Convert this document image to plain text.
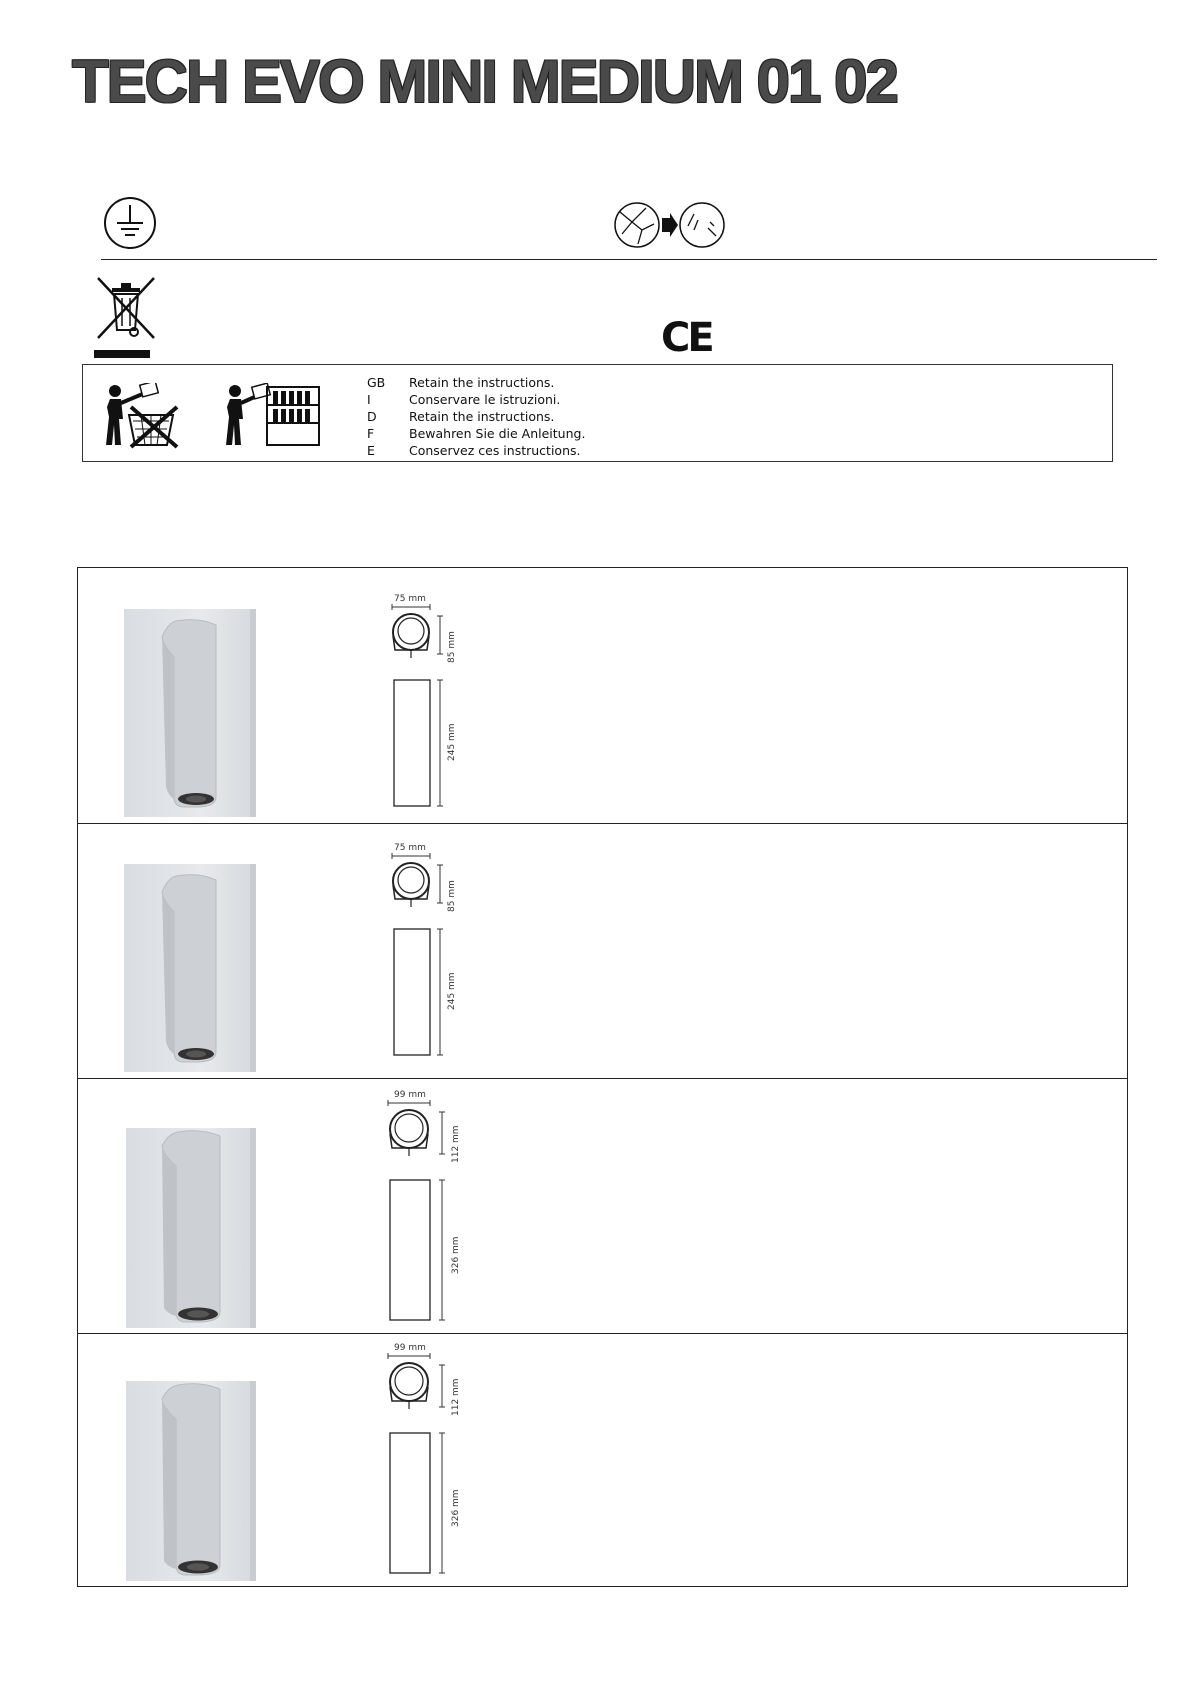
TECH EVO MINI MEDIUM 01 02
CE
GB	Retain the instructions.
I	Conservare le istruzioni.
D	Retain the instructions.
F	Bewahren Sie die Anleitung.
E	Conservez ces instructions.
75 mm
85 mm
245 mm
75 mm
85 mm
245 mm
99 mm
112 mm
326 mm
99 mm
112 mm
326 mm
